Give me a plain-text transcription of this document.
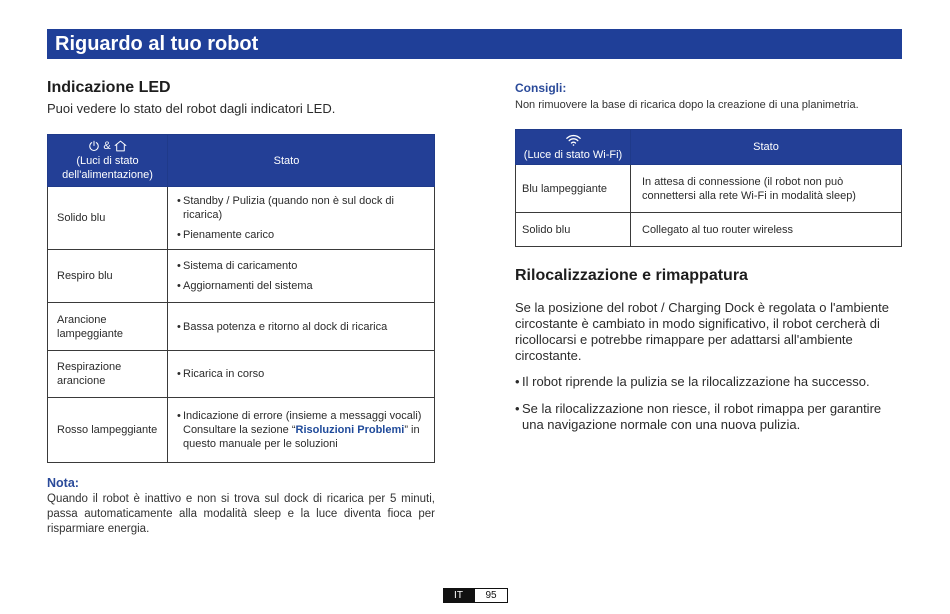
Riguardo al tuo robot
Indicazione LED
Puoi vedere lo stato del robot dagli indicatori LED.
&
(Luci di stato dell'alimentazione)	Stato
Solido blu	• Standby / Pulizia (quando non è sul dock di ricarica)
• Pienamente carico

Respiro blu	• Sistema di caricamento
• Aggiornamenti del sistema

Arancione lampeggiante	• Bassa potenza e ritorno al dock di ricarica

Respirazione arancione	• Ricarica in corso

Rosso lampeggiante	• Indicazione di errore (insieme a messaggi vocali) Consultare la sezione “Risoluzioni Problemi” in questo manuale per le soluzioni
Nota:
Quando il robot è inattivo e non si trova sul dock di ricarica per 5 minuti, passa automaticamente alla modalità sleep e la luce diventa fioca per risparmiare energia.
Consigli:
Non rimuovere la base di ricarica dopo la creazione di una planimetria.
(Luce di stato Wi-Fi)	Stato
Blu lampeggiante	In attesa di connessione (il robot non può connettersi alla rete Wi-Fi in modalità sleep)
Solido blu	Collegato al tuo router wireless
Rilocalizzazione e rimappatura
Se la posizione del robot / Charging Dock è regolata o l'ambiente circostante è cambiato in modo significativo, il robot cercherà di ricollocarsi e potrebbe rimappare per adattarsi all'ambiente circostante.
• Il robot riprende la pulizia se la rilocalizzazione ha successo.
• Se la rilocalizzazione non riesce, il robot rimappa per garantire una navigazione normale con una nuova pulizia.
IT	95
